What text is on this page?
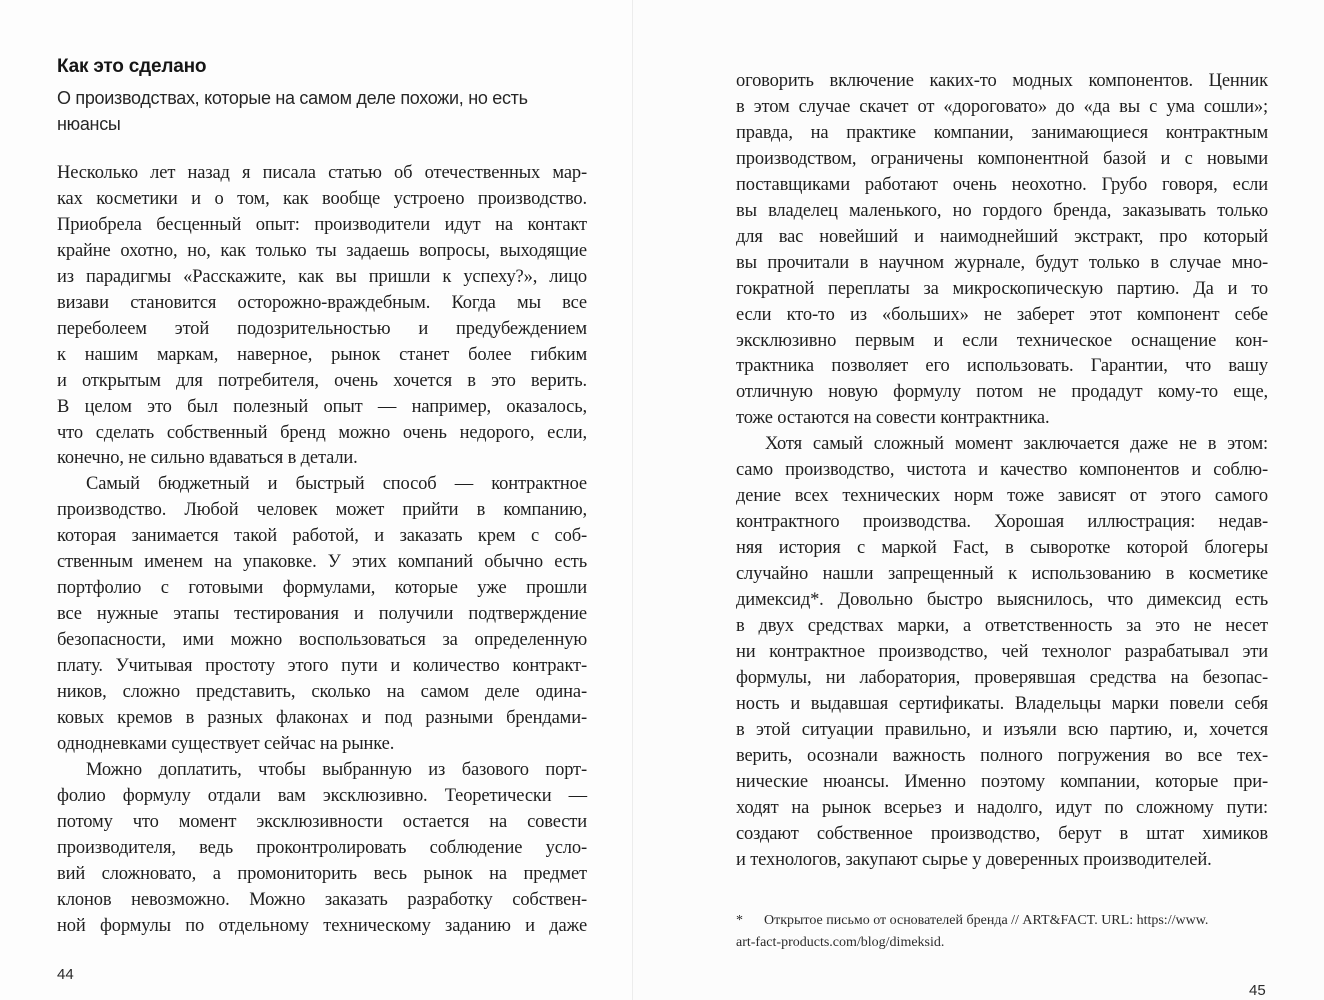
Как это сделано
О производствах, которые на самом деле похожи, но есть
нюансы
Несколько лет назад я писала статью об отечественных мар-
ках косметики и о том, как вообще устроено производство.
Приобрела бесценный опыт: производители идут на контакт
крайне охотно, но, как только ты задаешь вопросы, выходящие
из парадигмы «Расскажите, как вы пришли к успеху?», лицо
визави становится осторожно-враждебным. Когда мы все
переболеем этой подозрительностью и предубеждением
к нашим маркам, наверное, рынок станет более гибким
и открытым для потребителя, очень хочется в это верить.
В целом это был полезный опыт — например, оказалось,
что сделать собственный бренд можно очень недорого, если,
конечно, не сильно вдаваться в детали.
Самый бюджетный и быстрый способ — контрактное
производство. Любой человек может прийти в компанию,
которая занимается такой работой, и заказать крем с соб-
ственным именем на упаковке. У этих компаний обычно есть
портфолио с готовыми формулами, которые уже прошли
все нужные этапы тестирования и получили подтверждение
безопасности, ими можно воспользоваться за определенную
плату. Учитывая простоту этого пути и количество контракт-
ников, сложно представить, сколько на самом деле одина-
ковых кремов в разных флаконах и под разными брендами-
однодневками существует сейчас на рынке.
Можно доплатить, чтобы выбранную из базового порт-
фолио формулу отдали вам эксклюзивно. Теоретически —
потому что момент эксклюзивности остается на совести
производителя, ведь проконтролировать соблюдение усло-
вий сложновато, а промониторить весь рынок на предмет
клонов невозможно. Можно заказать разработку собствен-
ной формулы по отдельному техническому заданию и даже
оговорить включение каких-то модных компонентов. Ценник
в этом случае скачет от «дороговато» до «да вы с ума сошли»;
правда, на практике компании, занимающиеся контрактным
производством, ограничены компонентной базой и с новыми
поставщиками работают очень неохотно. Грубо говоря, если
вы владелец маленького, но гордого бренда, заказывать только
для вас новейший и наимоднейший экстракт, про который
вы прочитали в научном журнале, будут только в случае мно-
гократной переплаты за микроскопическую партию. Да и то
если кто-то из «больших» не заберет этот компонент себе
эксклюзивно первым и если техническое оснащение кон-
трактника позволяет его использовать. Гарантии, что вашу
отличную новую формулу потом не продадут кому-то еще,
тоже остаются на совести контрактника.
Хотя самый сложный момент заключается даже не в этом:
само производство, чистота и качество компонентов и соблю-
дение всех технических норм тоже зависят от этого самого
контрактного производства. Хорошая иллюстрация: недав-
няя история с маркой Fact, в сыворотке которой блогеры
случайно нашли запрещенный к использованию в косметике
димексид*. Довольно быстро выяснилось, что димексид есть
в двух средствах марки, а ответственность за это не несет
ни контрактное производство, чей технолог разрабатывал эти
формулы, ни лаборатория, проверявшая средства на безопас-
ность и выдавшая сертификаты. Владельцы марки повели себя
в этой ситуации правильно, и изъяли всю партию, и, хочется
верить, осознали важность полного погружения во все тех-
нические нюансы. Именно поэтому компании, которые при-
ходят на рынок всерьез и надолго, идут по сложному пути:
создают собственное производство, берут в штат химиков
и технологов, закупают сырье у доверенных производителей.
* Открытое письмо от основателей бренда // ART&FACT. URL: https://www.
art-fact-products.com/blog/dimeksid.
44
45
